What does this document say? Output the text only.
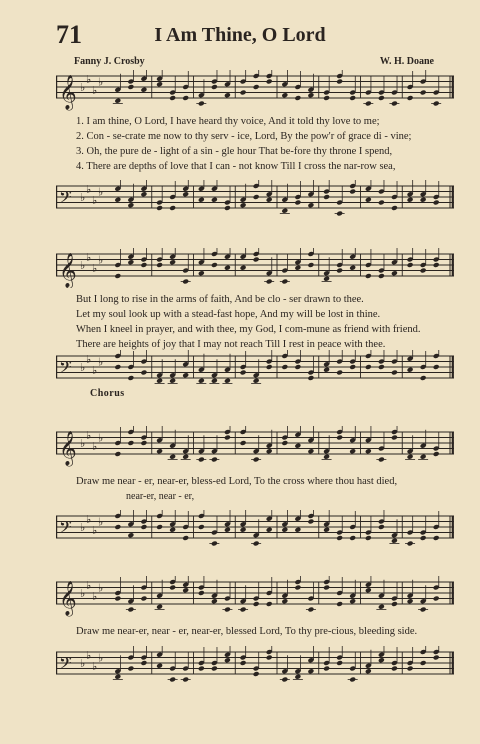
71	I Am Thine, O Lord
Fanny J. Crosby	W. H. Doane
𝄞 ♭
♭
♭
♭
1. I am thine, O Lord, I have heard thy voice, And it told thy love to me;
2. Con - se-crate me now to thy serv - ice, Lord, By the pow'r of grace di - vine;
3. Oh, the pure de - light of a sin - gle hour That be-fore thy throne I spend,
4. There are depths of love that I can - not know Till I cross the nar-row sea,
𝄢 ♭
♭
♭
♭
𝄞 ♭
♭
♭
♭
But I long to rise in the arms of faith, And be clo - ser drawn to thee.
Let my soul look up with a stead-fast hope, And my will be lost in thine.
When I kneel in prayer, and with thee, my God, I com-mune as friend with friend.
There are heights of joy that I may not reach Till I rest in peace with thee.
𝄢 ♭
♭
♭
♭
Chorus
𝄞 ♭
♭
♭
♭
Draw me near - er, near-er, bless-ed Lord, To the cross where thou hast died,
near-er, near - er,
𝄢 ♭
♭
♭
♭
𝄞 ♭
♭
♭
♭
Draw me near-er, near - er, near-er, blessed Lord, To thy pre-cious, bleeding side.
𝄢 ♭
♭
♭
♭
